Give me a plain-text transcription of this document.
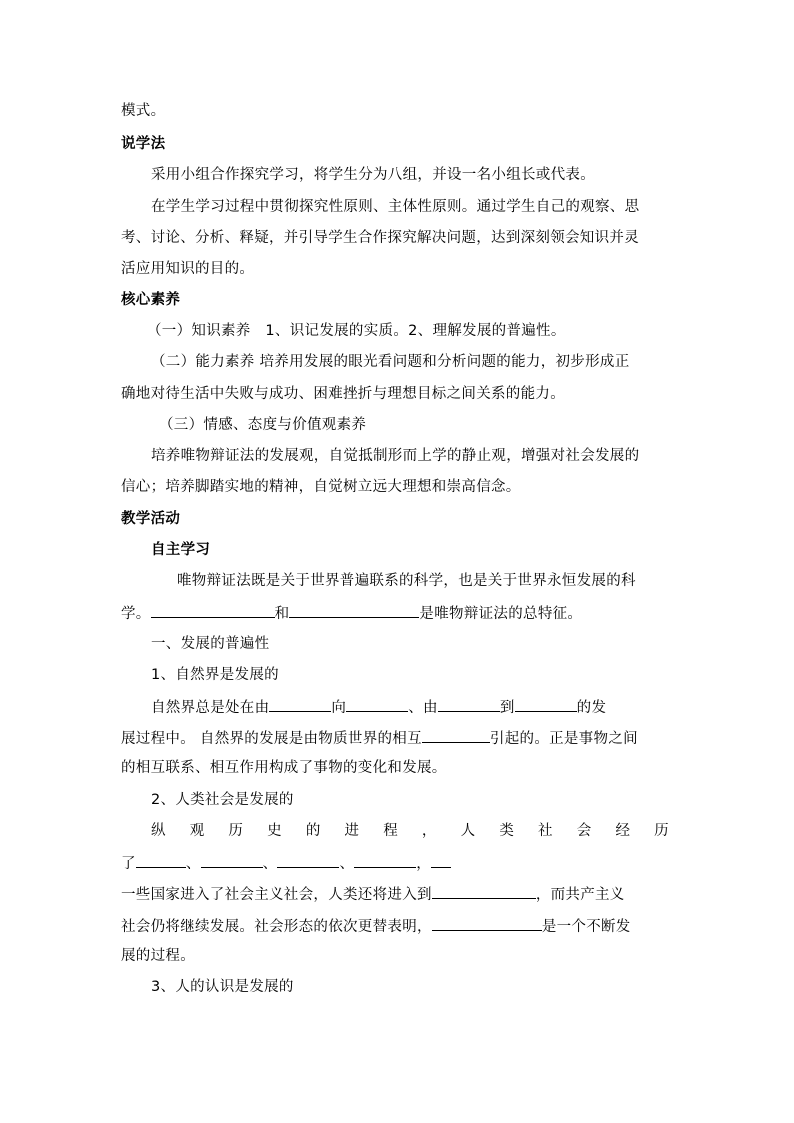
模式。
说学法
采用小组合作探究学习，将学生分为八组，并设一名小组长或代表。
在学生学习过程中贯彻探究性原则、主体性原则。通过学生自己的观察、思
考、讨论、分析、释疑，并引导学生合作探究解决问题，达到深刻领会知识并灵
活应用知识的目的。
核心素养
（一）知识素养　1、识记发展的实质。2、理解发展的普遍性。
（二）能力素养 培养用发展的眼光看问题和分析问题的能力，初步形成正
确地对待生活中失败与成功、困难挫折与理想目标之间关系的能力。
（三）情感、态度与价值观素养
培养唯物辩证法的发展观，自觉抵制形而上学的静止观，增强对社会发展的
信心；培养脚踏实地的精神，自觉树立远大理想和崇高信念。
教学活动
自主学习
唯物辩证法既是关于世界普遍联系的科学，也是关于世界永恒发展的科
学。	和	是唯物辩证法的总特征。
一、发展的普遍性
1、自然界是发展的
自然界总是处在由	向	、由	到	的发
展过程中。 自然界的发展是由物质世界的相互	引起的。正是事物之间
的相互联系、相互作用构成了事物的变化和发展。
2、人类社会是发展的
纵 观 历 史 的 进 程 ， 人 类 社 会 经 历
了	、	、	、	，
一些国家进入了社会主义社会，人类还将进入到	，而共产主义
社会仍将继续发展。社会形态的依次更替表明，	是一个不断发
展的过程。
3、人的认识是发展的
